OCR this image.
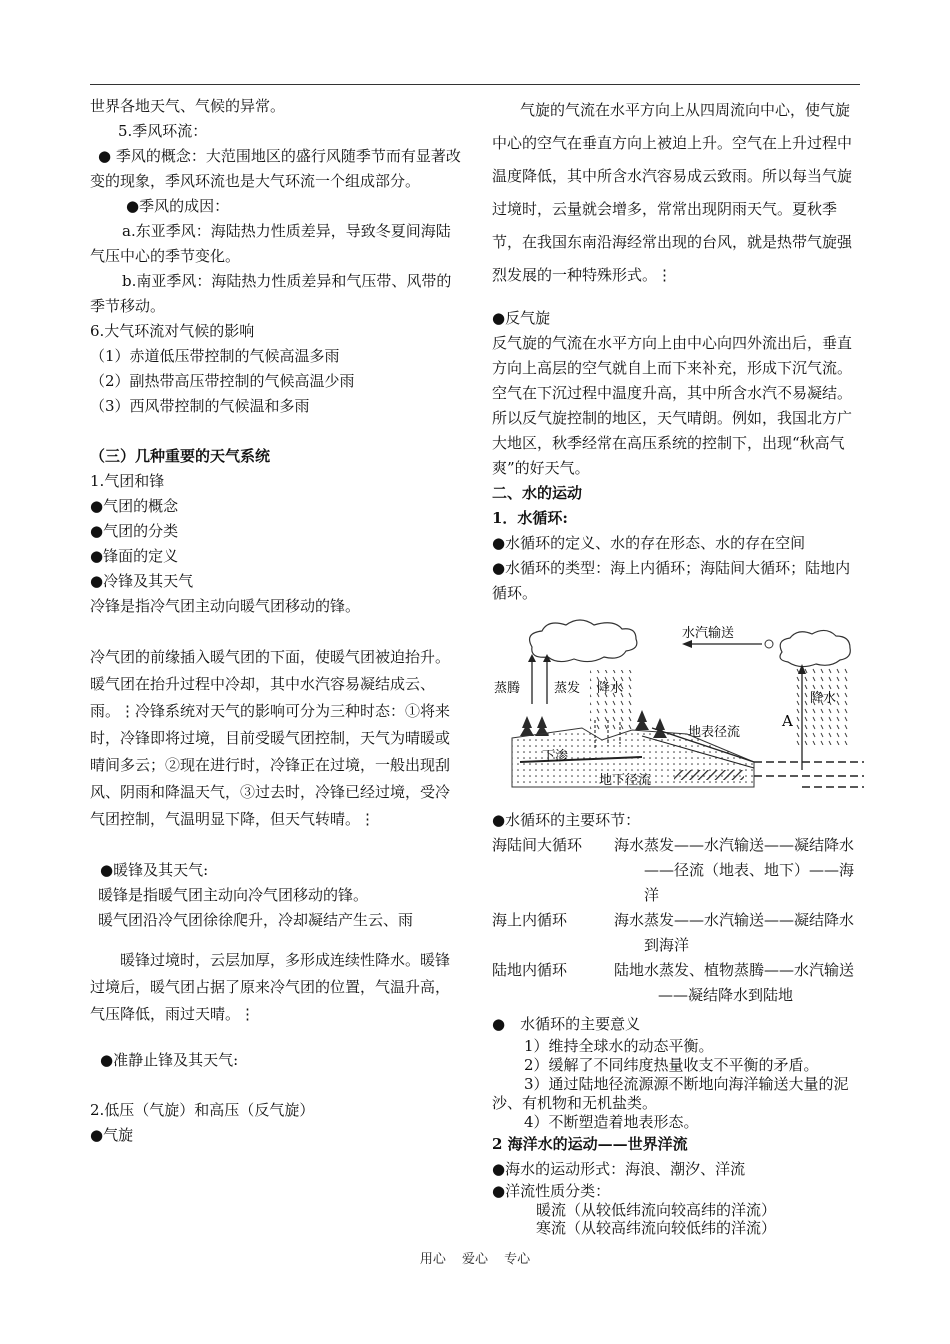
世界各地天气、气候的异常。

5.季风环流：

● 季风的概念：大范围地区的盛行风随季节而有显著改变的现象，季风环流也是大气环流一个组成部分。

●季风的成因：

a.东亚季风：海陆热力性质差异，导致冬夏间海陆气压中心的季节变化。

b.南亚季风：海陆热力性质差异和气压带、风带的季节移动。

6.大气环流对气候的影响

（1）赤道低压带控制的气候高温多雨

（2）副热带高压带控制的气候高温少雨

（3）西风带控制的气候温和多雨

（三）几种重要的天气系统

1.气团和锋

●气团的概念

●气团的分类

●锋面的定义

●冷锋及其天气

冷锋是指冷气团主动向暖气团移动的锋。

冷气团的前缘插入暖气团的下面，使暖气团被迫抬升。暖气团在抬升过程中冷却，其中水汽容易凝结成云、雨。⋮冷锋系统对天气的影响可分为三种时态：①将来时，冷锋即将过境，目前受暖气团控制，天气为晴暖或晴间多云；②现在进行时，冷锋正在过境，一般出现刮风、阴雨和降温天气，③过去时，冷锋已经过境，受冷气团控制，气温明显下降，但天气转晴。⋮

●暖锋及其天气:

暖锋是指暖气团主动向冷气团移动的锋。

暖气团沿冷气团徐徐爬升，冷却凝结产生云、雨

暖锋过境时，云层加厚，多形成连续性降水。暖锋过境后，暖气团占据了原来冷气团的位置，气温升高，气压降低，雨过天晴。⋮

●准静止锋及其天气:

2.低压（气旋）和高压（反气旋）

●气旋

气旋的气流在水平方向上从四周流向中心，使气旋中心的空气在垂直方向上被迫上升。空气在上升过程中温度降低，其中所含水汽容易成云致雨。所以每当气旋过境时，云量就会增多，常常出现阴雨天气。夏秋季节，在我国东南沿海经常出现的台风，就是热带气旋强烈发展的一种特殊形式。⋮

●反气旋

反气旋的气流在水平方向上由中心向四外流出后，垂直方向上高层的空气就自上而下来补充，形成下沉气流。空气在下沉过程中温度升高，其中所含水汽不易凝结。所以反气旋控制的地区，天气晴朗。例如，我国北方广大地区，秋季经常在高压系统的控制下，出现“秋高气爽”的好天气。

二、水的运动

1．水循环:

●水循环的定义、水的存在形态、水的存在空间

●水循环的类型：海上内循环；海陆间大循环；陆地内循环。

水汽输送
降水
降水
蒸腾	蒸发
A
下渗
地下径流
地表径流

●水循环的主要环节：

海陆间大循环	海水蒸发——水汽输送——凝结降水——径流（地表、地下）——海洋
海上内循环	海水蒸发——水汽输送——凝结降水到海洋
陆地内循环	陆地水蒸发、植物蒸腾——水汽输送——凝结降水到陆地

●　水循环的主要意义

1）维持全球水的动态平衡。

2）缓解了不同纬度热量收支不平衡的矛盾。

3）通过陆地径流源源不断地向海洋输送大量的泥沙、有机物和无机盐类。

4）不断塑造着地表形态。

2 海洋水的运动——世界洋流

●海水的运动形式：海浪、潮汐、洋流

●洋流性质分类：

暖流（从较低纬流向较高纬的洋流）
寒流（从较高纬流向较低纬的洋流）
用心 爱心 专心
